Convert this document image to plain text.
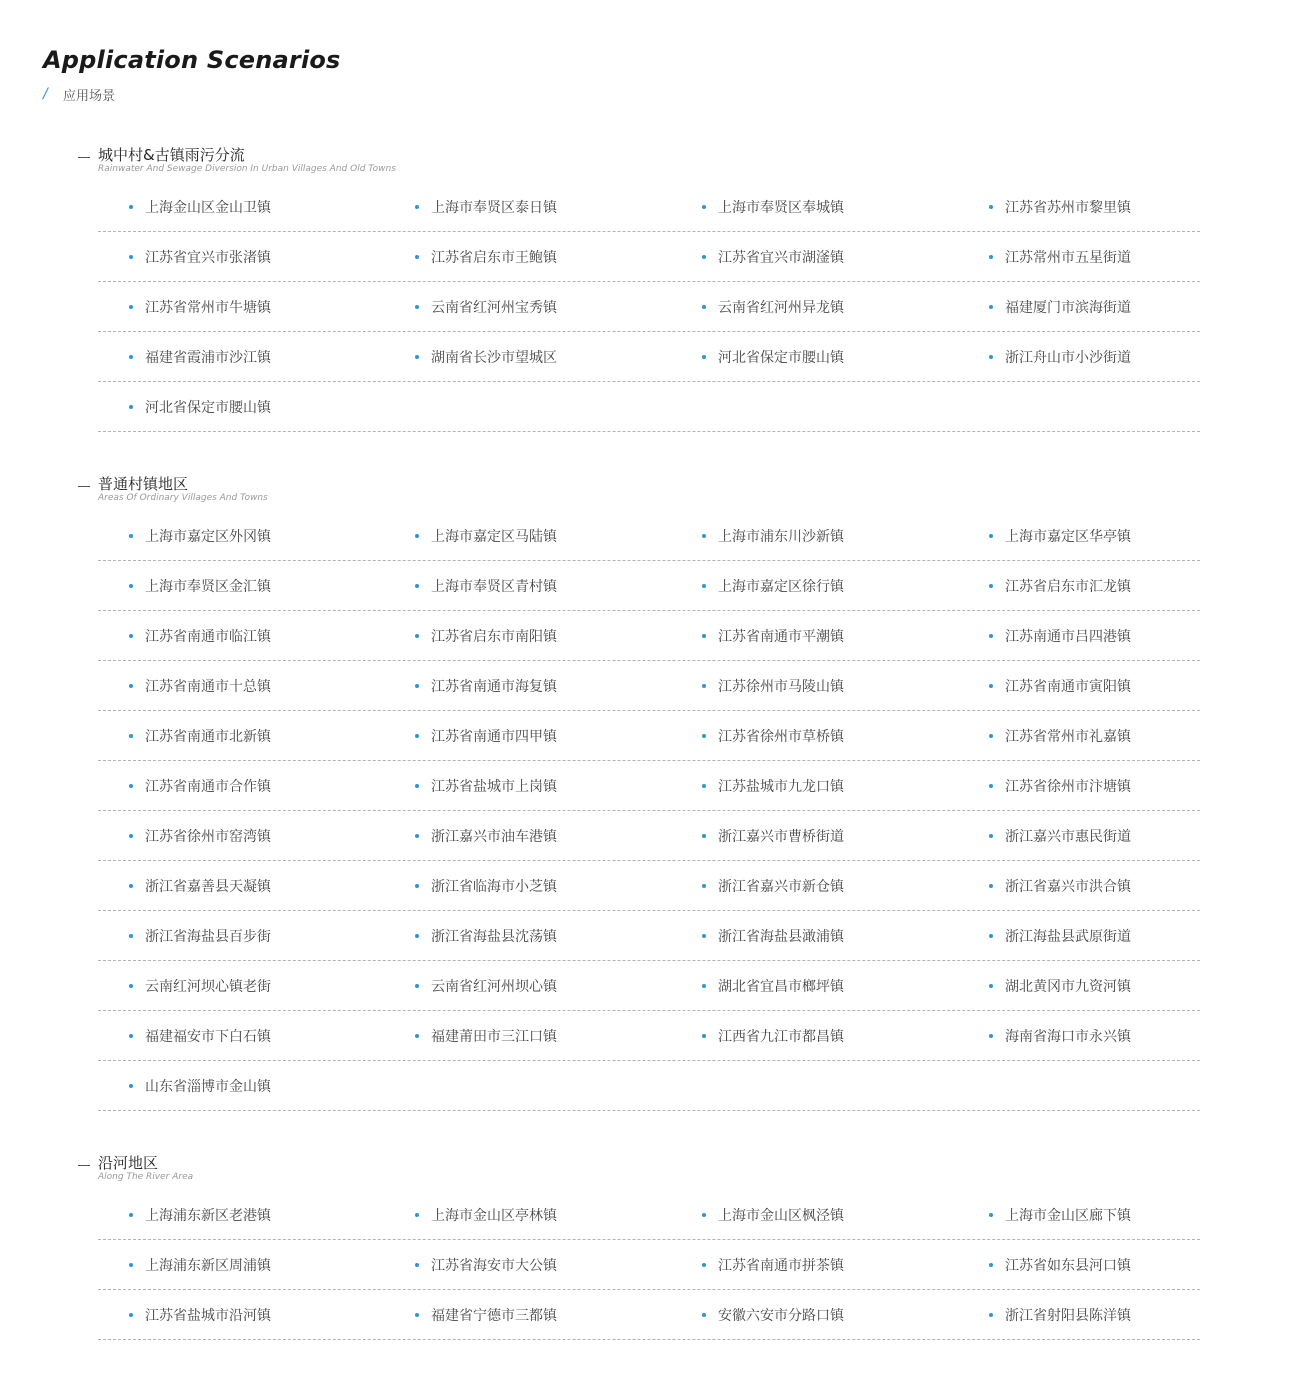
Application Scenarios
/	应用场景
城中村&古镇雨污分流
Rainwater And Sewage Diversion In Urban Villages And Old Towns
上海金山区金山卫镇	上海市奉贤区泰日镇	上海市奉贤区奉城镇	江苏省苏州市黎里镇
江苏省宜兴市张渚镇	江苏省启东市王鲍镇	江苏省宜兴市湖滏镇	江苏常州市五星街道
江苏省常州市牛塘镇	云南省红河州宝秀镇	云南省红河州异龙镇	福建厦门市滨海街道
福建省霞浦市沙江镇	湖南省长沙市望城区	河北省保定市腰山镇	浙江舟山市小沙街道
河北省保定市腰山镇
普通村镇地区
Areas Of Ordinary Villages And Towns
上海市嘉定区外冈镇	上海市嘉定区马陆镇	上海市浦东川沙新镇	上海市嘉定区华亭镇
上海市奉贤区金汇镇	上海市奉贤区青村镇	上海市嘉定区徐行镇	江苏省启东市汇龙镇
江苏省南通市临江镇	江苏省启东市南阳镇	江苏省南通市平潮镇	江苏南通市吕四港镇
江苏省南通市十总镇	江苏省南通市海复镇	江苏徐州市马陵山镇	江苏省南通市寅阳镇
江苏省南通市北新镇	江苏省南通市四甲镇	江苏省徐州市草桥镇	江苏省常州市礼嘉镇
江苏省南通市合作镇	江苏省盐城市上岗镇	江苏盐城市九龙口镇	江苏省徐州市汴塘镇
江苏省徐州市窑湾镇	浙江嘉兴市油车港镇	浙江嘉兴市曹桥街道	浙江嘉兴市惠民街道
浙江省嘉善县天凝镇	浙江省临海市小芝镇	浙江省嘉兴市新仓镇	浙江省嘉兴市洪合镇
浙江省海盐县百步街	浙江省海盐县沈荡镇	浙江省海盐县澉浦镇	浙江海盐县武原街道
云南红河坝心镇老街	云南省红河州坝心镇	湖北省宜昌市榔坪镇	湖北黄冈市九资河镇
福建福安市下白石镇	福建莆田市三江口镇	江西省九江市都昌镇	海南省海口市永兴镇
山东省淄博市金山镇
沿河地区
Along The River Area
上海浦东新区老港镇	上海市金山区亭林镇	上海市金山区枫泾镇	上海市金山区廊下镇
上海浦东新区周浦镇	江苏省海安市大公镇	江苏省南通市拼茶镇	江苏省如东县河口镇
江苏省盐城市沿河镇	福建省宁德市三都镇	安徽六安市分路口镇	浙江省射阳县陈洋镇
